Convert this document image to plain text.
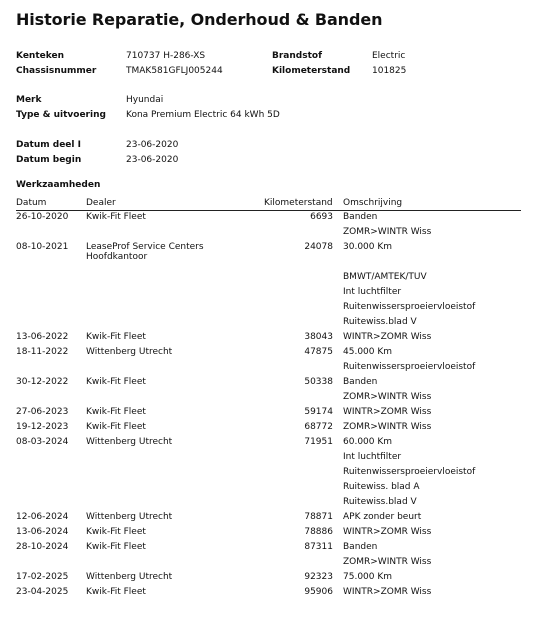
Historie Reparatie, Onderhoud & Banden
Kenteken	710737 H-286-XS	Brandstof	Electric
Chassisnummer	TMAK581GFLJ005244	Kilometerstand 101825
Merk	Hyundai
Type & uitvoering Kona Premium Electric 64 kWh 5D
Datum deel I	23-06-2020
Datum begin	23-06-2020
Werkzaamheden
Datum	Dealer	Kilometerstand Omschrijving
26-10-2020 Kwik-Fit Fleet	6693 Banden
ZOMR>WINTR Wiss
08-10-2021 LeaseProf Service Centers
Hoofdkantoor
24078 30.000 Km
BMWT/AMTEK/TUV
Int luchtfilter
Ruitenwissersproeiervloeistof
Ruitewiss.blad V
13-06-2022 Kwik-Fit Fleet	38043 WINTR>ZOMR Wiss
18-11-2022 Wittenberg Utrecht	47875 45.000 Km
Ruitenwissersproeiervloeistof
30-12-2022 Kwik-Fit Fleet	50338 Banden
ZOMR>WINTR Wiss
27-06-2023 Kwik-Fit Fleet	59174 WINTR>ZOMR Wiss
19-12-2023 Kwik-Fit Fleet	68772 ZOMR>WINTR Wiss
08-03-2024 Wittenberg Utrecht	71951 60.000 Km
Int luchtfilter
Ruitenwissersproeiervloeistof
Ruitewiss. blad A
Ruitewiss.blad V
12-06-2024 Wittenberg Utrecht	78871 APK zonder beurt
13-06-2024 Kwik-Fit Fleet	78886 WINTR>ZOMR Wiss
28-10-2024 Kwik-Fit Fleet	87311 Banden
ZOMR>WINTR Wiss
17-02-2025 Wittenberg Utrecht	92323 75.000 Km
23-04-2025 Kwik-Fit Fleet	95906 WINTR>ZOMR Wiss
